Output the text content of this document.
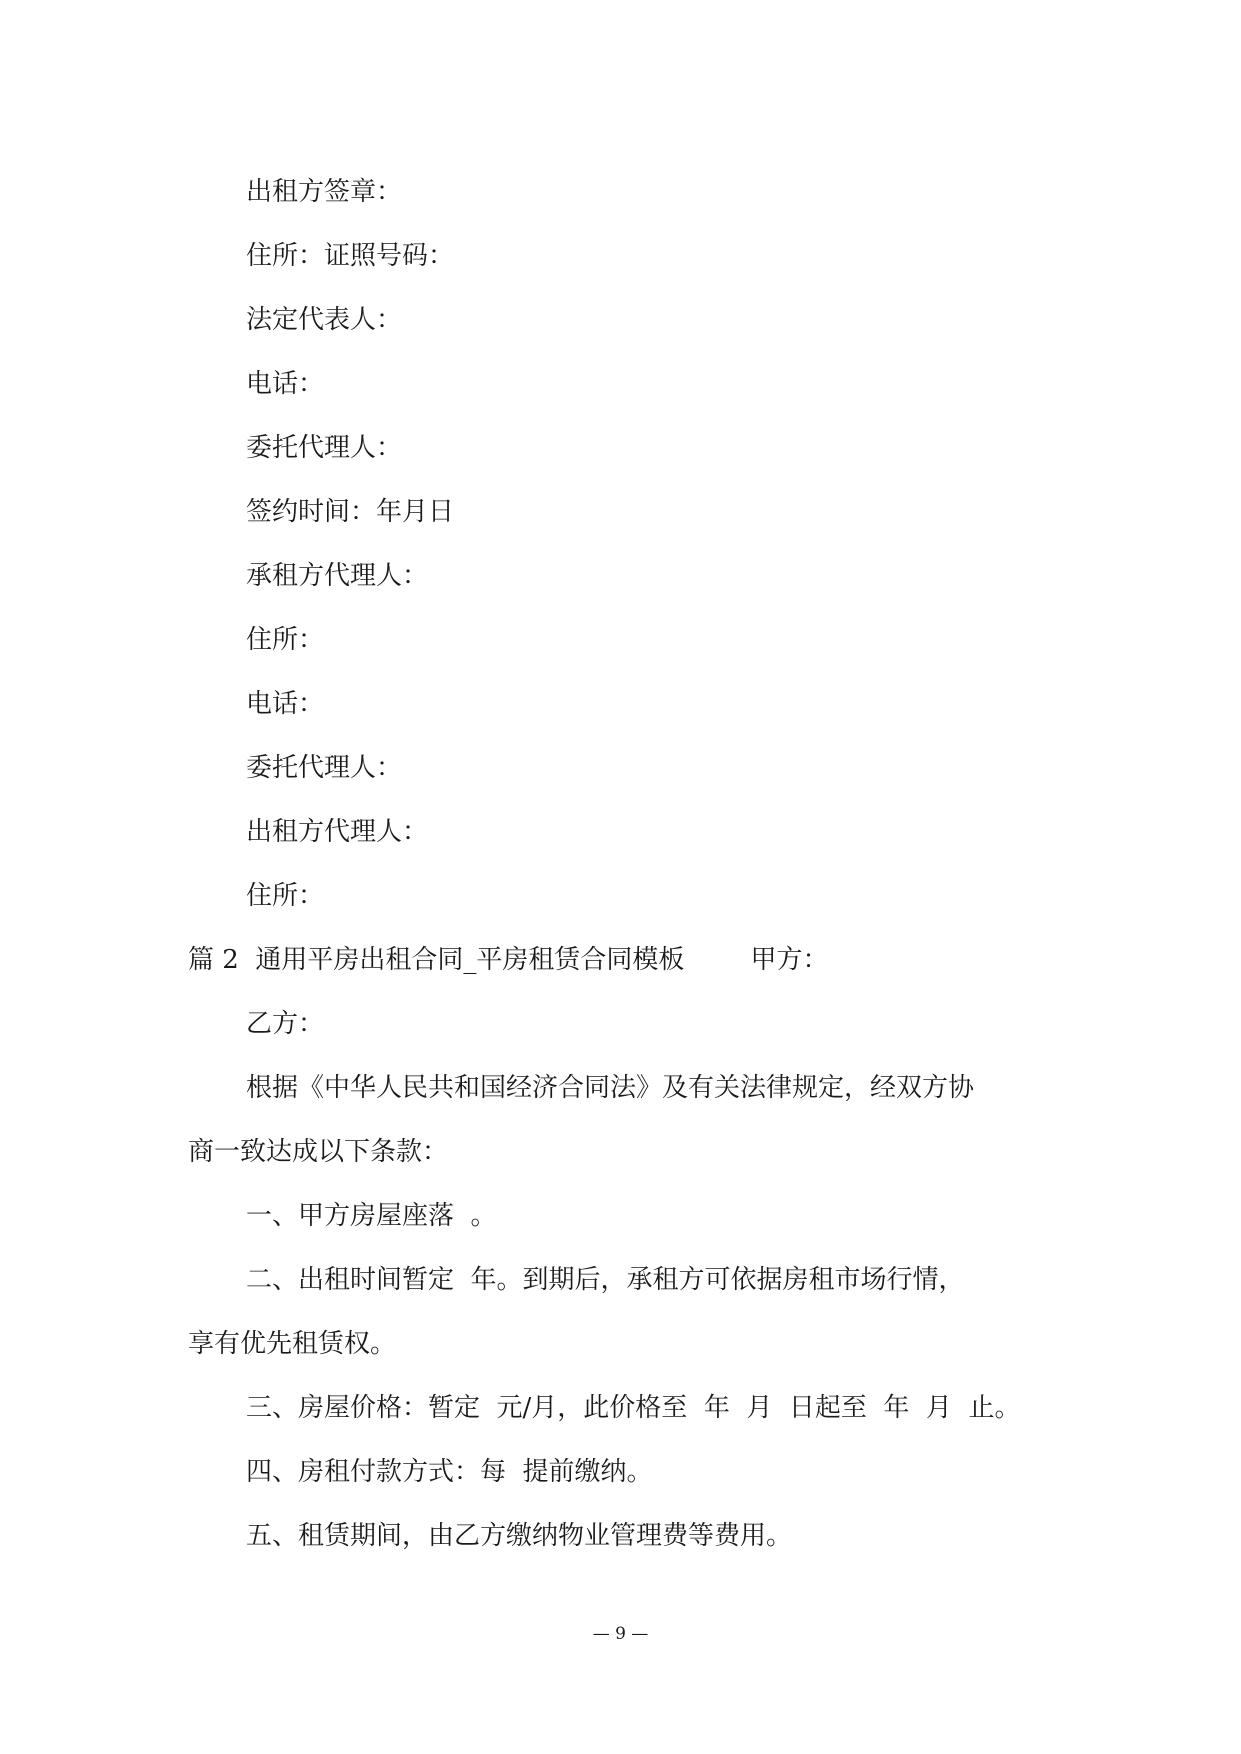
出租方签章：
住所：证照号码：
法定代表人：
电话：
委托代理人：
签约时间：年月日
承租方代理人：
住所：
电话：
委托代理人：
出租方代理人：
住所：
篇 2  通用平房出租合同_平房租赁合同模板        甲方：
乙方：
根据《中华人民共和国经济合同法》及有关法律规定，经双方协
商一致达成以下条款：
一、甲方房屋座落  。
二、出租时间暂定  年。到期后，承租方可依据房租市场行情，
享有优先租赁权。
三、房屋价格：暂定  元/月，此价格至  年  月  日起至  年  月  止。
四、房租付款方式：每  提前缴纳。
五、租赁期间，由乙方缴纳物业管理费等费用。
— 9 —
